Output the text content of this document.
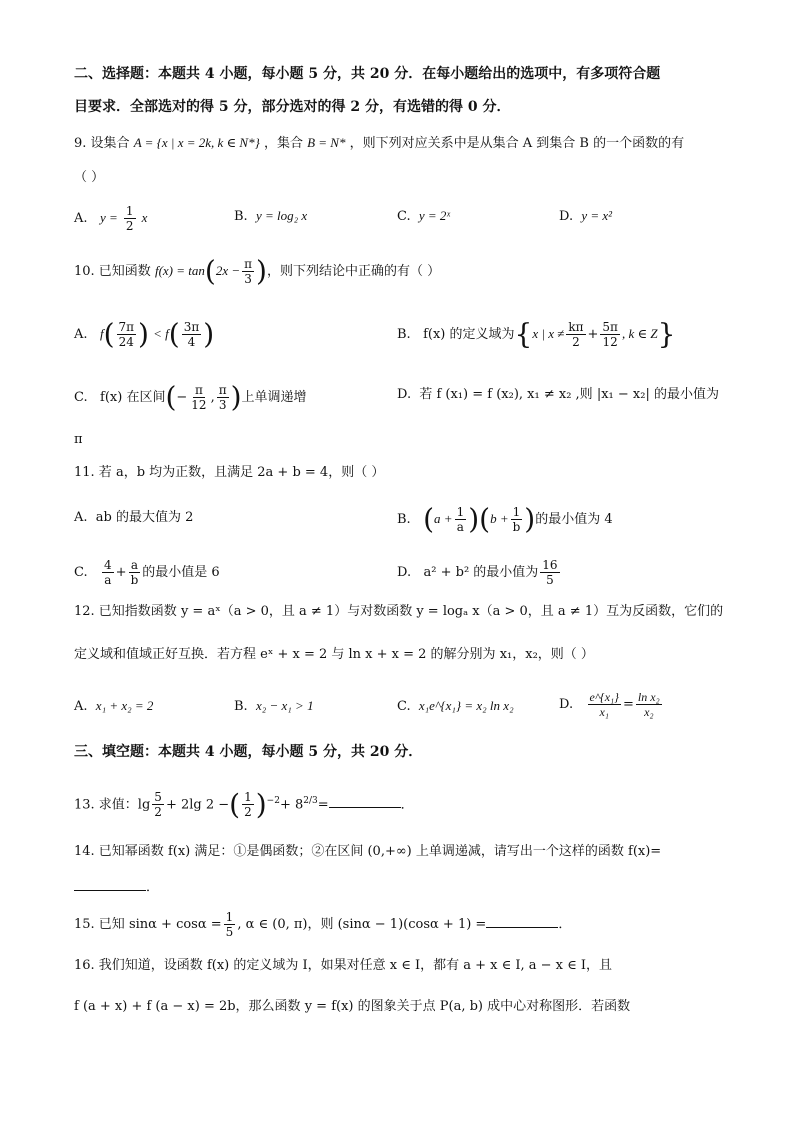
二、选择题：本题共 4 小题，每小题 5 分，共 20 分．在每小题给出的选项中，有多项符合题
目要求．全部选对的得 5 分，部分选对的得 2 分，有选错的得 0 分．
9. 设集合 A = {x | x = 2k, k ∈ N*} ，集合 B = N* ，则下列对应关系中是从集合 A 到集合 B 的一个函数的有
（ ）
A. $y = \frac{1}{2}$ x	B. y = log₂ x	C. y = 2ˣ	D. y = x²
10. 已知函数 $f(x) = \tan(2x - \frac{\pi}{3}$ )，则下列结论中正确的有（ ）
A. $f( \frac{7\pi}{24}$ ) < $f( \frac{3\pi}{4}$ )	B. f(x) 的定义域为{x | $x \ne \frac{k\pi}{2} + \frac{5\pi}{12}$ , k ∈ Z}
C. f(x) 在区间(− $\frac{\pi}{12}$ , $\frac{\pi}{3}$ )上单调递增	D. 若 f (x₁) = f (x₂), x₁ ≠ x₂ ,则 |x₁ − x₂| 的最小值为
π
11. 若 a，b 均为正数，且满足 2a + b = 4，则（ ）
A. ab 的最大值为 2	B. $(a + \frac{1}{a} )(b + \frac{1}{b}$ )的最小值为 4
C. $\frac{4}{a} + \frac{a}{b}$ 的最小值是 6	D. a² + b² 的最小值为 $\frac{16}{5}$
12. 已知指数函数 y = aˣ（a > 0，且 a ≠ 1）与对数函数 y = logₐ x（a > 0，且 a ≠ 1）互为反函数，它们的
定义域和值域正好互换．若方程 eˣ + x = 2 与 ln x + x = 2 的解分别为 x₁，x₂，则（ ）
A. x₁ + x₂ = 2	B. x₂ − x₁ > 1	C. x₁e^{x₁} = x₂ ln x₂	D. $\frac{\text{e\textasciicircum{}\{x₁\}}}{\text{x₁}} = \frac{\text{ln x₂}}{\text{x₂}}$
三、填空题：本题共 4 小题，每小题 5 分，共 20 分．
13. 求值：$\lg \frac{5}{2} + 2\lg$ 2 −( $\frac{1}{2} )^{-2}+ 8^{2/3}=$	．
14. 已知幂函数 f(x) 满足：①是偶函数；②在区间 (0,+∞) 上单调递减，请写出一个这样的函数 f(x)=
．
15. 已知 $\sin\alpha + \cos\alpha = \frac{1}{5}$ , α ∈ (0, π)，则 (sinα − 1)(cosα + 1) =	．
16. 我们知道，设函数 f(x) 的定义域为 I，如果对任意 x ∈ I，都有 a + x ∈ I, a − x ∈ I，且
f (a + x) + f (a − x) = 2b，那么函数 y = f(x) 的图象关于点 P(a, b) 成中心对称图形．若函数
